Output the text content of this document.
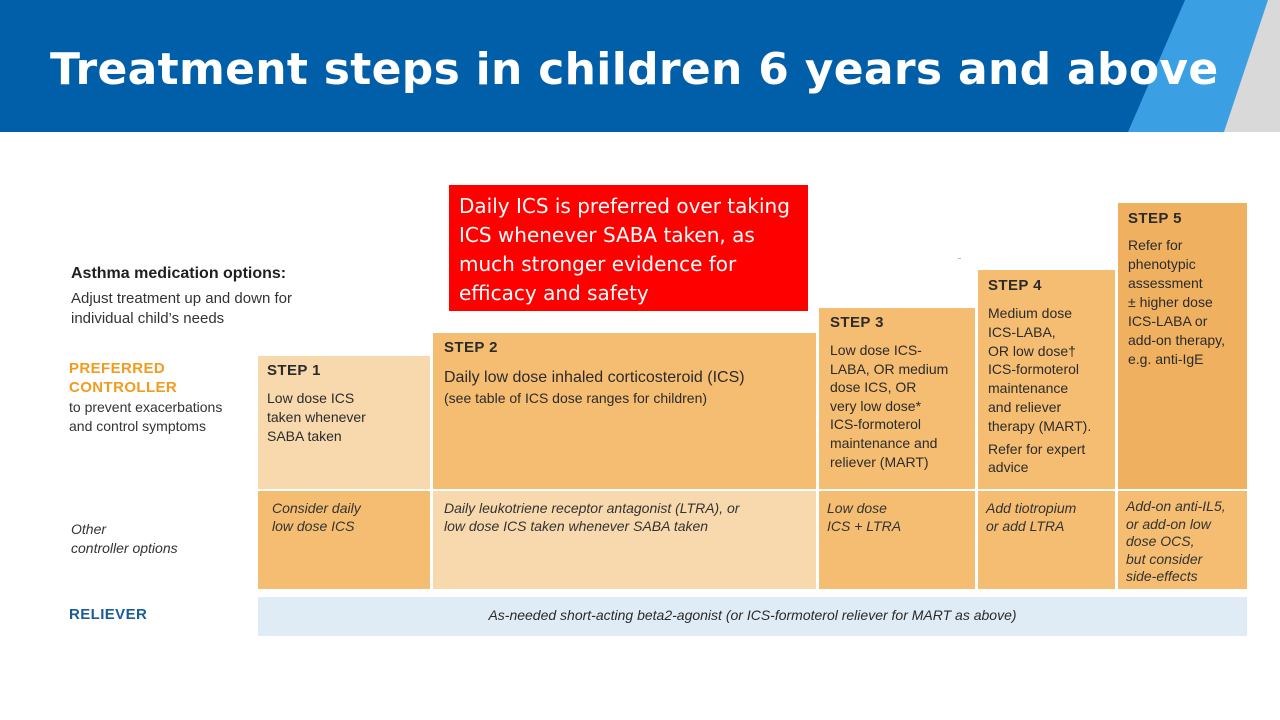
Treatment steps in children 6 years and above
Daily ICS is preferred over taking
ICS whenever SABA taken, as
much stronger evidence for
efficacy and safety
Asthma medication options:
Adjust treatment up and down for
individual child’s needs
PREFERRED
CONTROLLER
to prevent exacerbations
and control symptoms
Other
controller options
RELIEVER
STEP 1
Low dose ICS
taken whenever
SABA taken
Consider daily
low dose ICS
STEP 2
Daily low dose inhaled corticosteroid (ICS)
(see table of ICS dose ranges for children)
Daily leukotriene receptor antagonist (LTRA), or
low dose ICS taken whenever SABA taken
STEP 3
Low dose ICS-
LABA, OR medium
dose ICS, OR
very low dose*
ICS-formoterol
maintenance and
reliever (MART)
Low dose
ICS + LTRA
STEP 4
Medium dose
ICS-LABA,
OR low dose†
ICS-formoterol
maintenance
and reliever
therapy (MART).
Refer for expert
advice
Add tiotropium
or add LTRA
STEP 5
Refer for
phenotypic
assessment
± higher dose
ICS-LABA or
add-on therapy,
e.g. anti-IgE
Add-on anti-IL5,
or add-on low
dose OCS,
but consider
side-effects
As-needed short-acting beta2-agonist (or ICS-formoterol reliever for MART as above)
